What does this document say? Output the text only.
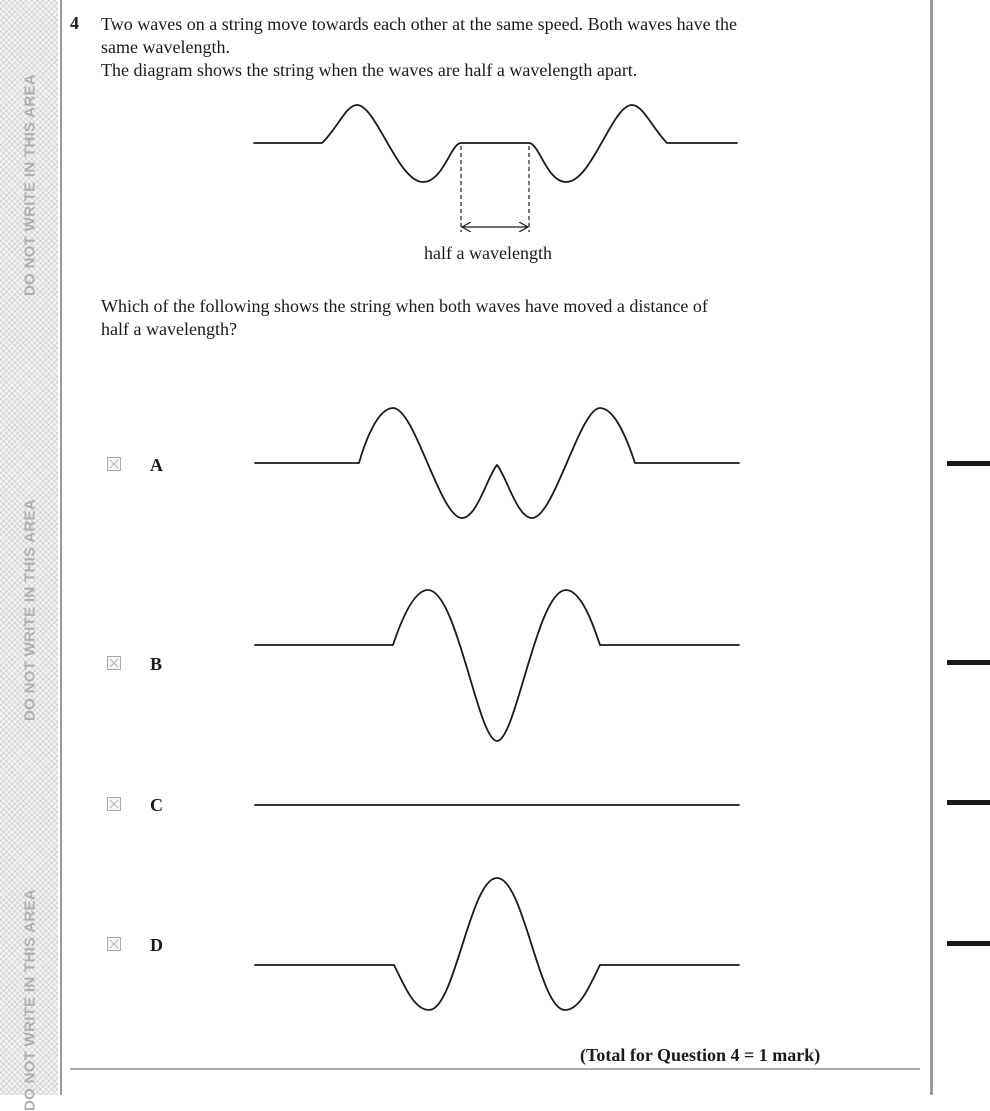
DO NOT WRITE IN THIS AREA
DO NOT WRITE IN THIS AREA
DO NOT WRITE IN THIS AREA
4 Two waves on a string move towards each other at the same speed. Both waves have the
same wavelength.
The diagram shows the string when the waves are half a wavelength apart.
half a wavelength
Which of the following shows the string when both waves have moved a distance of
half a wavelength?
A
B
C
D
(Total for Question 4 = 1 mark)
